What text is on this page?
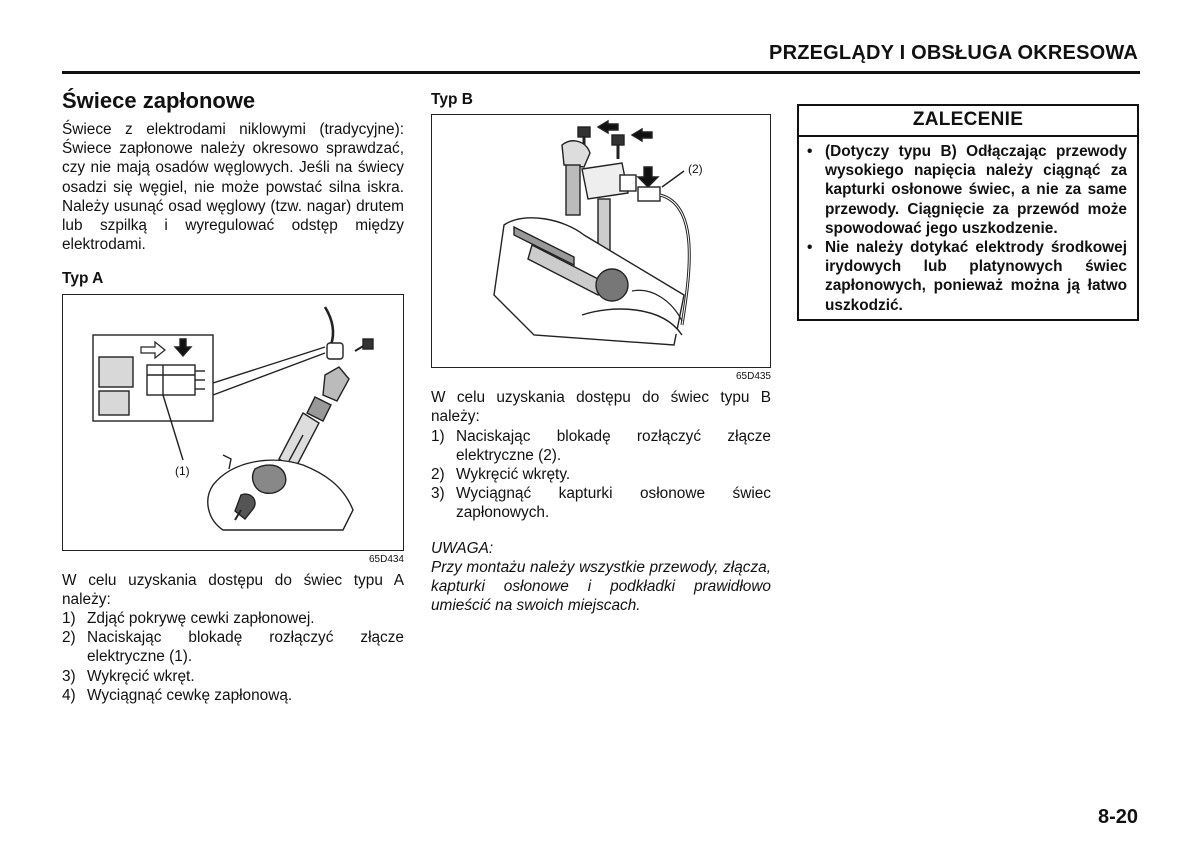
PRZEGLĄDY I OBSŁUGA OKRESOWA
Świece zapłonowe

Świece z elektrodami niklowymi (tradycyjne): Świece zapłonowe należy okresowo sprawdzać, czy nie mają osadów węglowych. Jeśli na świecy osadzi się węgiel, nie może powstać silna iskra. Należy usunąć osad węglowy (tzw. nagar) drutem lub szpilką i wyregulować odstęp między elektrodami.

Typ A

(1)
65D434

W celu uzyskania dostępu do świec typu A należy:

1) Zdjąć pokrywę cewki zapłonowej.
2) Naciskając blokadę rozłączyć złącze elektryczne (1).
3) Wykręcić wkręt.
4) Wyciągnąć cewkę zapłonową.

Typ B

(2)
65D435

W celu uzyskania dostępu do świec typu B należy:

1) Naciskając blokadę rozłączyć złącze elektryczne (2).
2) Wykręcić wkręty.
3) Wyciągnąć kapturki osłonowe świec zapłonowych.
UWAGA:
Przy montażu należy wszystkie przewody, złącza, kapturki osłonowe i podkładki prawidłowo umieścić na swoich miejscach.
ZALECENIE
• (Dotyczy typu B) Odłączając przewody wysokiego napięcia należy ciągnąć za kapturki osłonowe świec, a nie za same przewody. Ciągnięcie za przewód może spowodować jego uszkodzenie.
• Nie należy dotykać elektrody środkowej irydowych lub platynowych świec zapłonowych, ponieważ można ją łatwo uszkodzić.
8-20
